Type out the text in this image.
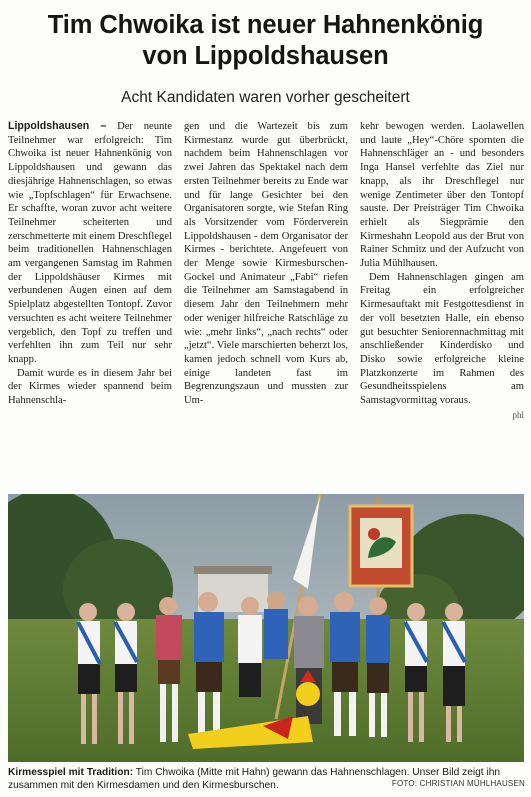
Tim Chwoika ist neuer Hahnenkönig
von Lippoldshausen
Acht Kandidaten waren vorher gescheitert

Lippoldshausen – Der neunte Teilnehmer war erfolgreich: Tim Chwoika ist neuer Hahnenkönig von Lippoldshausen und gewann das diesjährige Hahnenschlagen, so etwas wie „Topfschlagen“ für Erwachsene. Er schaffte, woran zuvor acht weitere Teilnehmer scheiterten und zerschmetterte mit einem Dreschflegel beim traditionellen Hahnenschlagen am vergangenen Samstag im Rahmen der Lippoldshäuser Kirmes mit verbundenen Augen einen auf dem Spielplatz abgestellten Tontopf. Zuvor versuchten es acht weitere Teilnehmer vergeblich, den Topf zu treffen und verfehlten ihn zum Teil nur sehr knapp.

Damit wurde es in diesem Jahr bei der Kirmes wieder spannend beim Hahnenschla-

gen und die Wartezeit bis zum Kirmestanz wurde gut überbrückt, nachdem beim Hahnenschlagen vor zwei Jahren das Spektakel nach dem ersten Teilnehmer bereits zu Ende war und für lange Gesichter bei den Organisatoren sorgte, wie Stefan Ring als Vorsitzender vom Förderverein Lippoldshausen - dem Organisator der Kirmes - berichtete. Angefeuert von der Menge sowie Kirmesburschen-Gockel und Animateur „Fabi“ riefen die Teilnehmer am Samstagabend in diesem Jahr den Teilnehmern mehr oder weniger hilfreiche Ratschläge zu wie: „mehr links“, „nach rechts“ oder „jetzt“. Viele marschierten beherzt los, kamen jedoch schnell vom Kurs ab, einige landeten fast im Begrenzungszaun und mussten zur Um-

kehr bewogen werden. Laolawellen und laute „Hey“-Chöre spornten die Hahnenschläger an - und besonders Inga Hansel verfehlte das Ziel nur knapp, als ihr Dreschflegel nur wenige Zentimeter über den Tontopf sauste. Der Preisträger Tim Chwoika erhielt als Siegprämie den Kirmeshahn Leopold aus der Brut von Rainer Schmitz und der Aufzucht von Julia Mühlhausen.

Dem Hahnenschlagen gingen am Freitag ein erfolgreicher Kirmesauftakt mit Festgottesdienst in der voll besetzten Halle, ein ebenso gut besuchter Seniorennachmittag mit anschließender Kinderdisko und Disko sowie erfolgreiche kleine Platzkonzerte im Rahmen des Gesundheitsspielens am Samstagvormittag voraus.

phl
Kirmesspiel mit Tradition: Tim Chwoika (Mitte mit Hahn) gewann das Hahnenschlagen. Unser Bild zeigt ihn zusammen mit den Kirmesdamen und den Kirmesburschen.	FOTO: CHRISTIAN MÜHLHAUSEN
